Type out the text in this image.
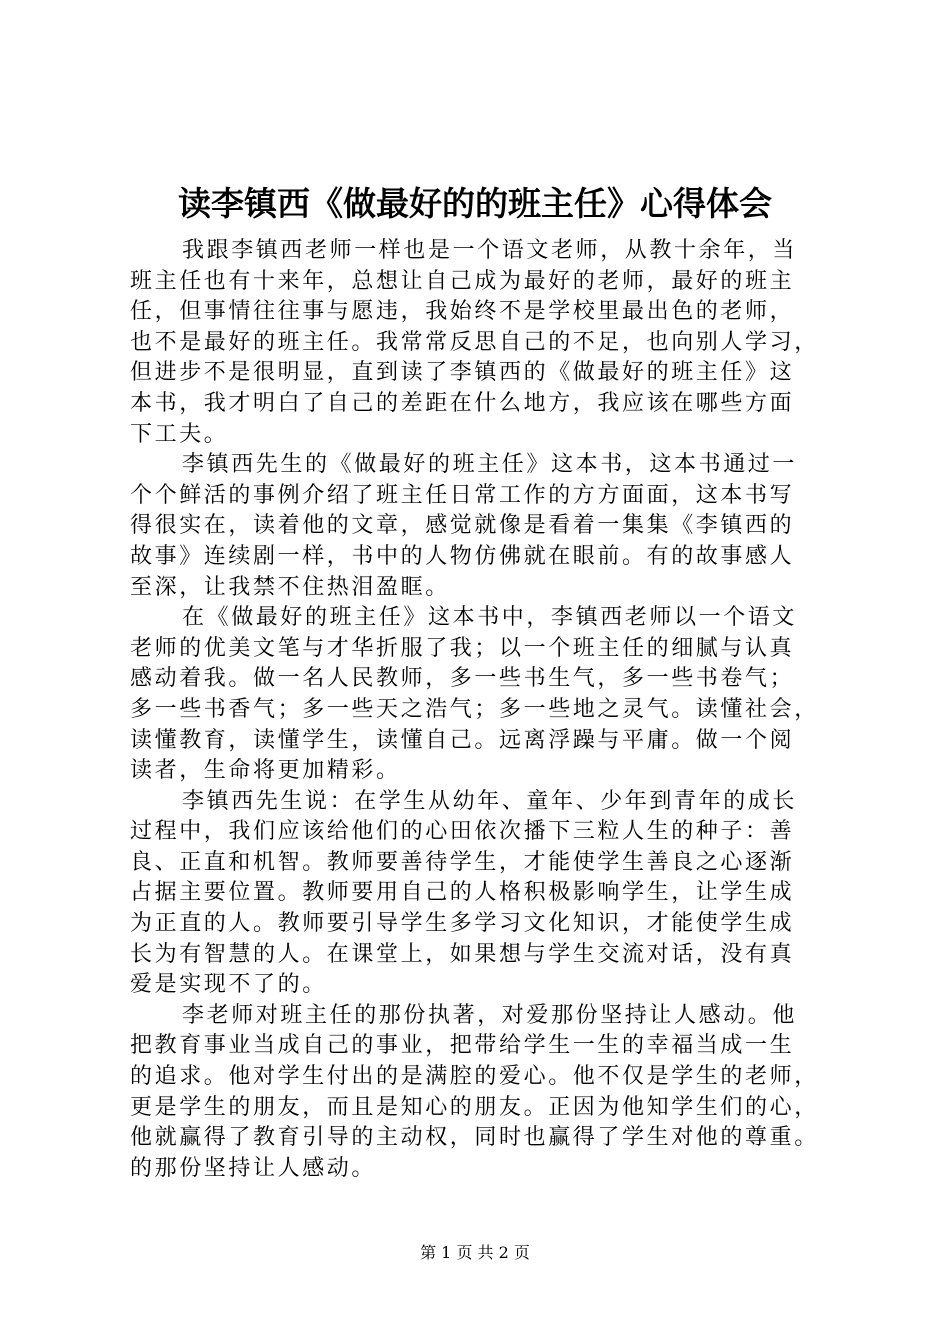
读李镇西《做最好的的班主任》心得体会
我跟李镇西老师一样也是一个语文老师，从教十余年，当
班主任也有十来年，总想让自己成为最好的老师，最好的班主
任，但事情往往事与愿违，我始终不是学校里最出色的老师，
也不是最好的班主任。我常常反思自己的不足，也向别人学习，
但进步不是很明显，直到读了李镇西的《做最好的班主任》这
本书，我才明白了自己的差距在什么地方，我应该在哪些方面
下工夫。
李镇西先生的《做最好的班主任》这本书，这本书通过一
个个鲜活的事例介绍了班主任日常工作的方方面面，这本书写
得很实在，读着他的文章，感觉就像是看着一集集《李镇西的
故事》连续剧一样，书中的人物仿佛就在眼前。有的故事感人
至深，让我禁不住热泪盈眶。
在《做最好的班主任》这本书中，李镇西老师以一个语文
老师的优美文笔与才华折服了我；以一个班主任的细腻与认真
感动着我。做一名人民教师，多一些书生气，多一些书卷气；
多一些书香气；多一些天之浩气；多一些地之灵气。读懂社会，
读懂教育，读懂学生，读懂自己。远离浮躁与平庸。做一个阅
读者，生命将更加精彩。
李镇西先生说：在学生从幼年、童年、少年到青年的成长
过程中，我们应该给他们的心田依次播下三粒人生的种子：善
良、正直和机智。教师要善待学生，才能使学生善良之心逐渐
占据主要位置。教师要用自己的人格积极影响学生，让学生成
为正直的人。教师要引导学生多学习文化知识，才能使学生成
长为有智慧的人。在课堂上，如果想与学生交流对话，没有真
爱是实现不了的。
李老师对班主任的那份执著，对爱那份坚持让人感动。他
把教育事业当成自己的事业，把带给学生一生的幸福当成一生
的追求。他对学生付出的是满腔的爱心。他不仅是学生的老师，
更是学生的朋友，而且是知心的朋友。正因为他知学生们的心，
他就赢得了教育引导的主动权，同时也赢得了学生对他的尊重。
的那份坚持让人感动。
第 1 页 共 2 页
